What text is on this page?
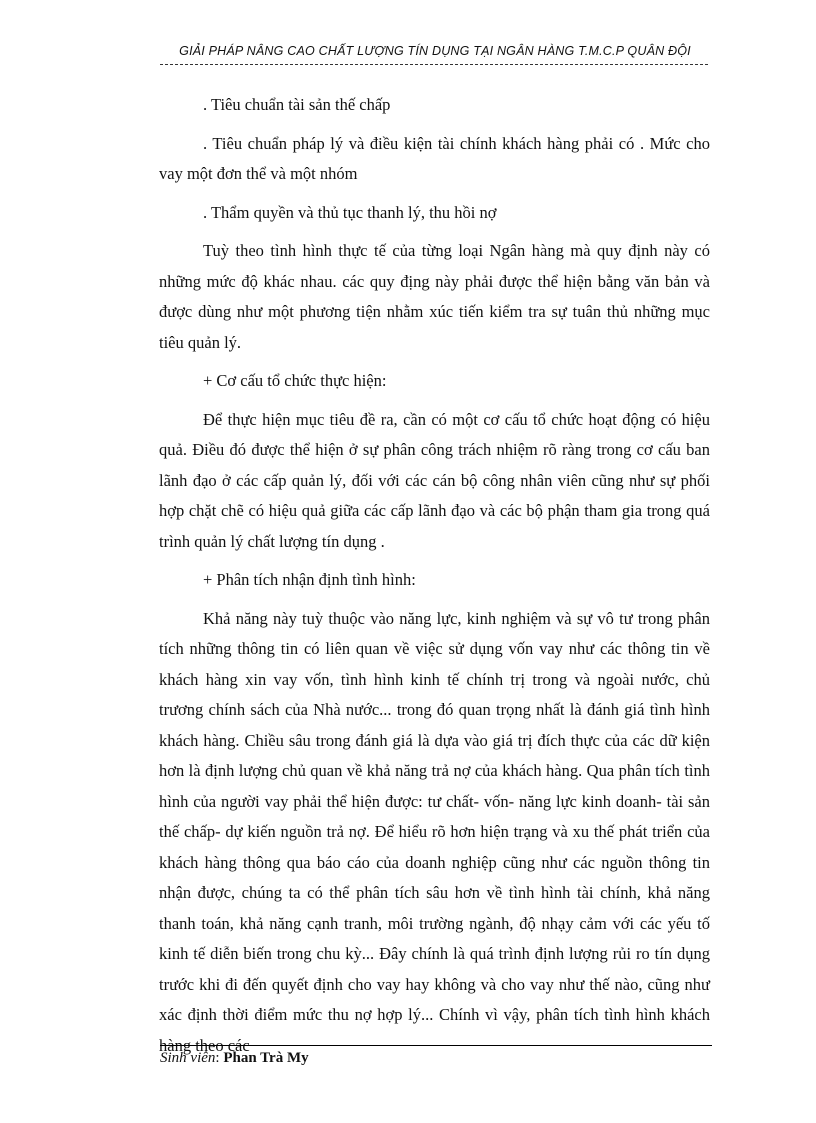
GIẢI PHÁP NÂNG CAO CHẤT LƯỢNG TÍN DỤNG TẠI NGÂN HÀNG T.M.C.P QUÂN ĐỘI

. Tiêu chuẩn tài sản thế chấp

. Tiêu chuẩn pháp lý và điều kiện tài chính khách hàng phải có . Mức cho vay một đơn thể và một nhóm

. Thẩm quyền và thủ tục thanh lý, thu hồi nợ

Tuỳ theo tình hình thực tế của từng loại Ngân hàng mà quy định này có những mức độ khác nhau. các quy địng này phải được thể hiện bằng văn bản và được dùng như một phương tiện nhằm xúc tiến kiểm tra sự tuân thủ những mục tiêu quản lý.

+ Cơ cấu tổ chức thực hiện:

Để thực hiện mục tiêu đề ra, cần có một cơ cấu tổ chức hoạt động có hiệu quả. Điều đó được thể hiện ở sự phân công trách nhiệm rõ ràng trong cơ cấu ban lãnh đạo ở các cấp quản lý, đối với các cán bộ công nhân viên cũng như sự phối hợp chặt chẽ có hiệu quả giữa các cấp lãnh đạo và các bộ phận tham gia trong quá trình quản lý chất lượng tín dụng .

+ Phân tích nhận định tình hình:

Khả năng này tuỳ thuộc vào năng lực, kinh nghiệm và sự vô tư trong phân tích những thông tin có liên quan về việc sử dụng vốn vay như các thông tin về khách hàng xin vay vốn, tình hình kinh tế chính trị trong và ngoài nước, chủ trương chính sách của Nhà nước... trong đó quan trọng nhất là đánh giá tình hình khách hàng. Chiều sâu trong đánh giá là dựa vào giá trị đích thực của các dữ kiện hơn là định lượng chủ quan về khả năng trả nợ của khách hàng. Qua phân tích tình hình của người vay phải thể hiện được: tư chất- vốn- năng lực kinh doanh- tài sản thế chấp- dự kiến nguồn trả nợ. Để hiểu rõ hơn hiện trạng và xu thế phát triển của khách hàng thông qua báo cáo của doanh nghiệp cũng như các nguồn thông tin nhận được, chúng ta có thể phân tích sâu hơn về tình hình tài chính, khả năng thanh toán, khả năng cạnh tranh, môi trường ngành, độ nhạy cảm với các yếu tố kinh tế diễn biến trong chu kỳ... Đây chính là quá trình định lượng rủi ro tín dụng trước khi đi đến quyết định cho vay hay không và cho vay như thế nào, cũng như xác định thời điểm mức thu nợ hợp lý... Chính vì vậy, phân tích tình hình khách hàng theo các

Sinh viên: Phan Trà My
